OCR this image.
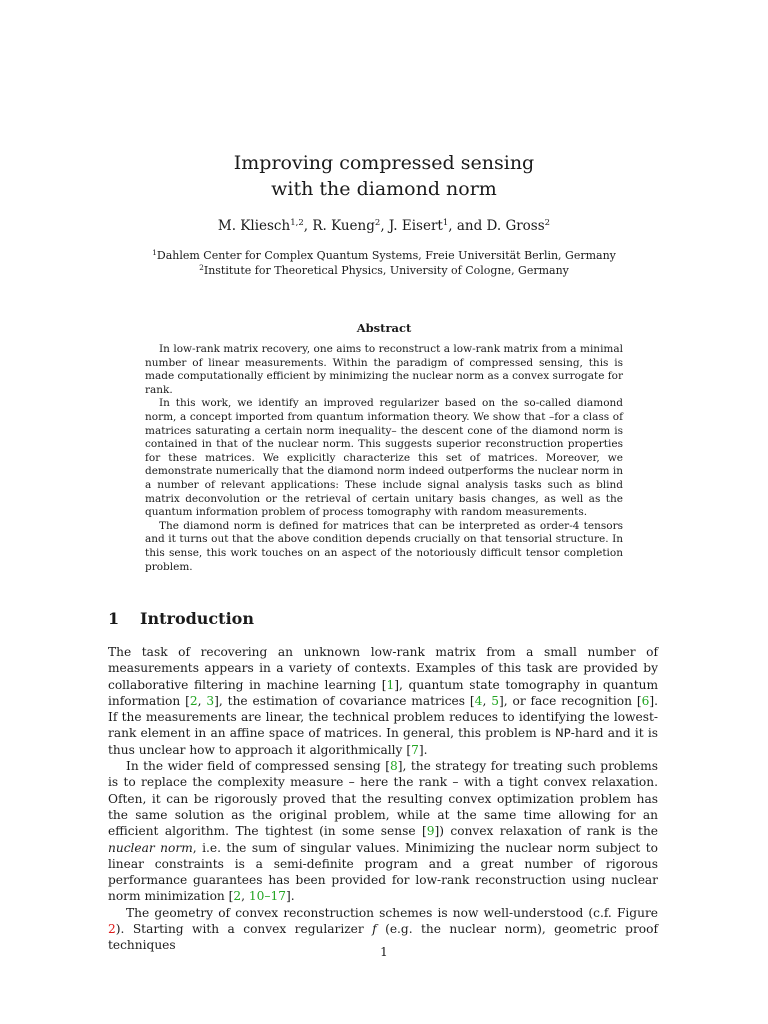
Improving compressed sensing
with the diamond norm
M. Kliesch$^{1,2}$, R. Kueng$^2$, J. Eisert$^1$, and D. Gross$^2$
$^1$Dahlem Center for Complex Quantum Systems, Freie Universität Berlin, Germany
$^2$Institute for Theoretical Physics, University of Cologne, Germany
Abstract

In low-rank matrix recovery, one aims to reconstruct a low-rank matrix from a minimal number of linear measurements. Within the paradigm of compressed sensing, this is made computationally efficient by minimizing the nuclear norm as a convex surrogate for rank.

In this work, we identify an improved regularizer based on the so-called diamond norm, a concept imported from quantum information theory. We show that –for a class of matrices saturating a certain norm inequality– the descent cone of the diamond norm is contained in that of the nuclear norm. This suggests superior reconstruction properties for these matrices. We explicitly characterize this set of matrices. Moreover, we demonstrate numerically that the diamond norm indeed outperforms the nuclear norm in a number of relevant applications: These include signal analysis tasks such as blind matrix deconvolution or the retrieval of certain unitary basis changes, as well as the quantum information problem of process tomography with random measurements.

The diamond norm is defined for matrices that can be interpreted as order-4 tensors and it turns out that the above condition depends crucially on that tensorial structure. In this sense, this work touches on an aspect of the notoriously difficult tensor completion problem.

1 Introduction

The task of recovering an unknown low-rank matrix from a small number of measurements appears in a variety of contexts. Examples of this task are provided by collaborative filtering in machine learning [1], quantum state tomography in quantum information [2, 3], the estimation of covariance matrices [4, 5], or face recognition [6]. If the measurements are linear, the technical problem reduces to identifying the lowest-rank element in an affine space of matrices. In general, this problem is NP-hard and it is thus unclear how to approach it algorithmically [7].

In the wider field of compressed sensing [8], the strategy for treating such problems is to replace the complexity measure – here the rank – with a tight convex relaxation. Often, it can be rigorously proved that the resulting convex optimization problem has the same solution as the original problem, while at the same time allowing for an efficient algorithm. The tightest (in some sense [9]) convex relaxation of rank is the nuclear norm, i.e. the sum of singular values. Minimizing the nuclear norm subject to linear constraints is a semi-definite program and a great number of rigorous performance guarantees has been provided for low-rank reconstruction using nuclear norm minimization [2, 10–17].

The geometry of convex reconstruction schemes is now well-understood (c.f. Figure 2). Starting with a convex regularizer f (e.g. the nuclear norm), geometric proof techniques	1
